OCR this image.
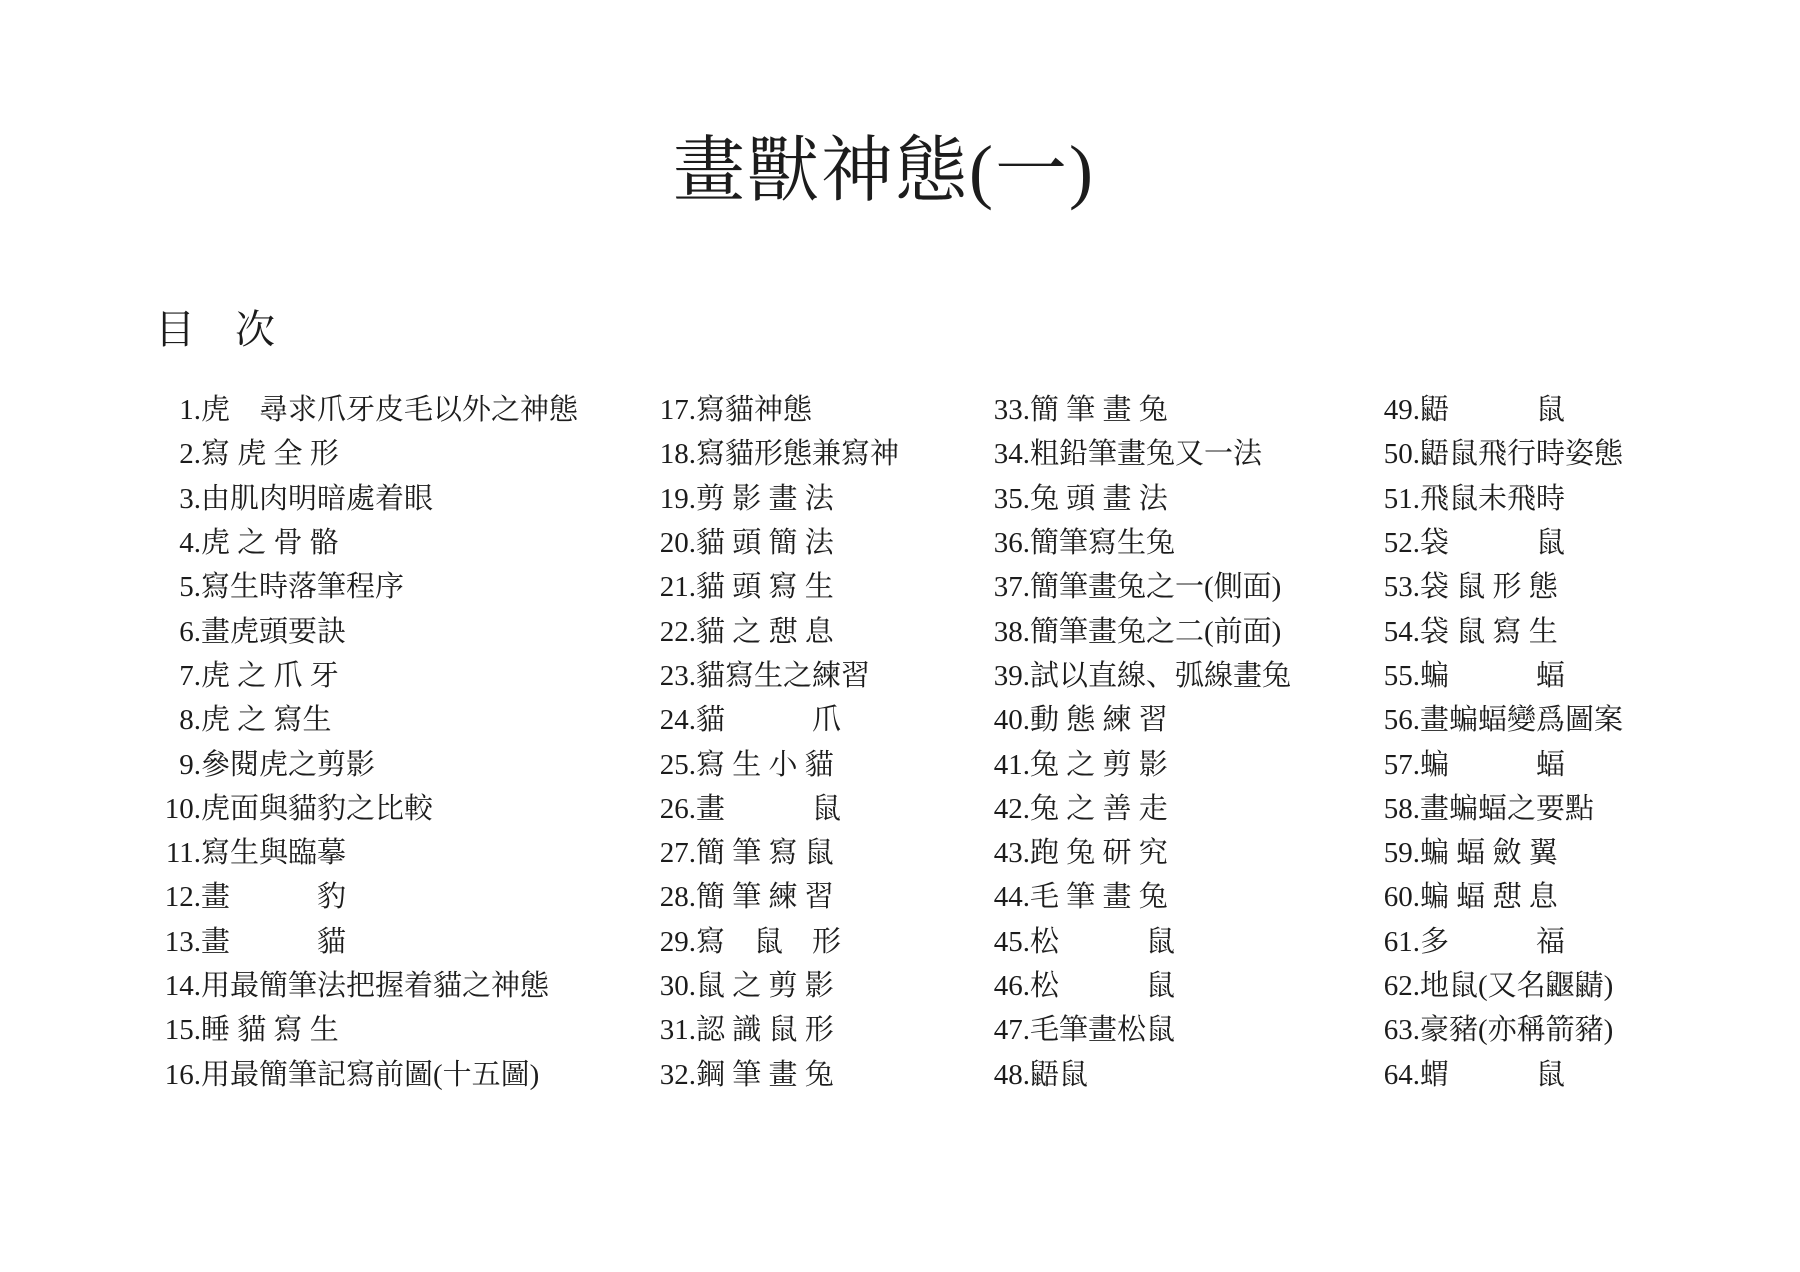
畫獸神態(一)
目　次
1. 虎　尋求爪牙皮毛以外之神態
2. 寫 虎 全 形
3. 由肌肉明暗處着眼
4. 虎 之 骨 骼
5. 寫生時落筆程序
6. 畫虎頭要訣
7. 虎 之 爪 牙
8. 虎 之 寫生
9. 參閱虎之剪影
10. 虎面與貓豹之比較
11. 寫生與臨摹
12. 畫　　　豹
13. 畫　　　貓
14. 用最簡筆法把握着貓之神態
15. 睡 貓 寫 生
16. 用最簡筆記寫前圖(十五圖)
17. 寫貓神態
18. 寫貓形態兼寫神
19. 剪 影 畫 法
20. 貓 頭 簡 法
21. 貓 頭 寫 生
22. 貓 之 憇 息
23. 貓寫生之練習
24. 貓　　　爪
25. 寫 生 小 貓
26. 畫　　　鼠
27. 簡 筆 寫 鼠
28. 簡 筆 練 習
29. 寫　鼠　形
30. 鼠 之 剪 影
31. 認 識 鼠 形
32. 鋼 筆 畫 兔
33. 簡 筆 畫 兔
34. 粗鉛筆畫兔又一法
35. 兔 頭 畫 法
36. 簡筆寫生兔
37. 簡筆畫兔之一(側面)
38. 簡筆畫兔之二(前面)
39. 試以直線、弧線畫兔
40. 動 態 練 習
41. 兔 之 剪 影
42. 兔 之 善 走
43. 跑 兔 研 究
44. 毛 筆 畫 兔
45. 松　　　鼠
46. 松　　　鼠
47. 毛筆畫松鼠
48. 鼯鼠
49. 鼯　　　鼠
50. 鼯鼠飛行時姿態
51. 飛鼠未飛時
52. 袋　　　鼠
53. 袋 鼠 形 態
54. 袋 鼠 寫 生
55. 蝙　　　蝠
56. 畫蝙蝠變爲圖案
57. 蝙　　　蝠
58. 畫蝙蝠之要點
59. 蝙 蝠 斂 翼
60. 蝙 蝠 憇 息
61. 多　　　福
62. 地鼠(又名鼴鼱)
63. 豪豬(亦稱箭豬)
64. 蝟　　　鼠
